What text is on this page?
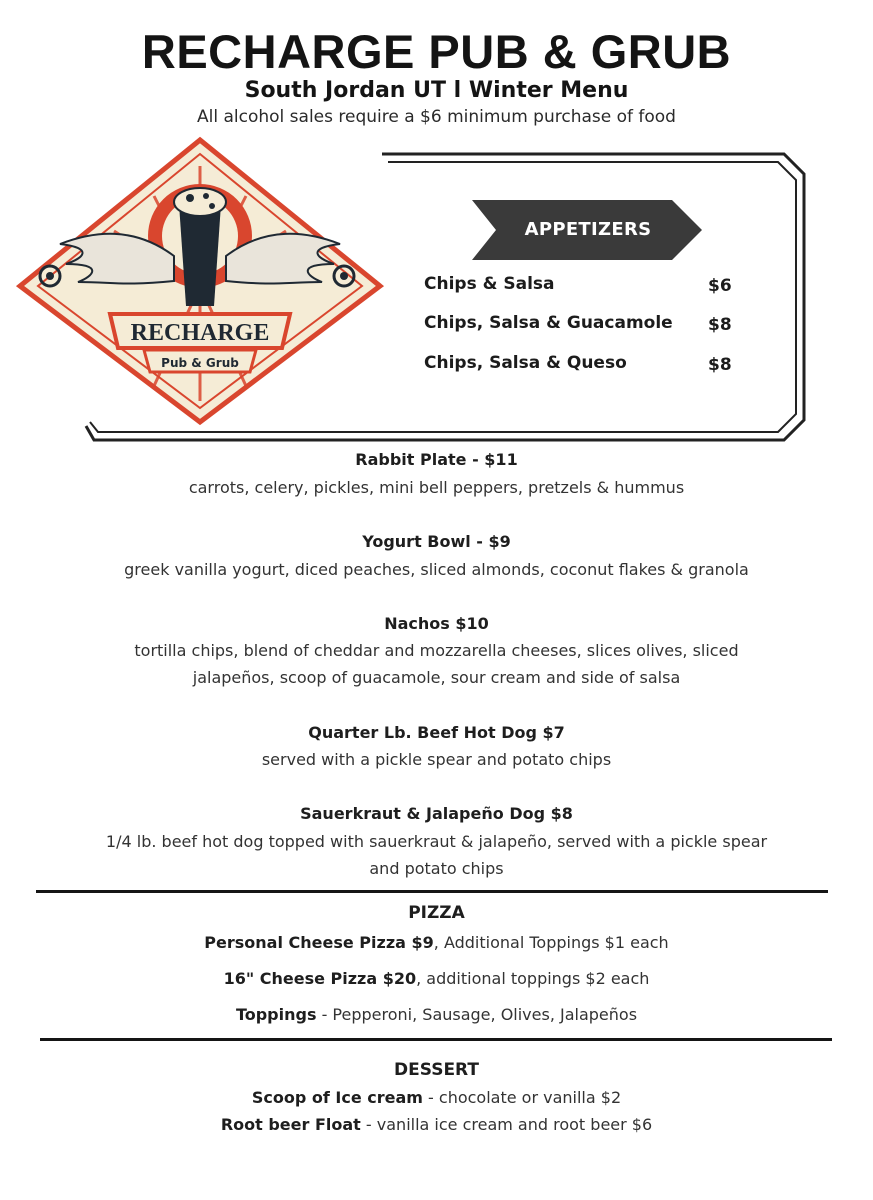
RECHARGE PUB & GRUB
South Jordan UT l Winter Menu
All alcohol sales require a $6 minimum purchase of food
RECHARGE
Pub & Grub
APPETIZERS
Chips & Salsa	$6
Chips, Salsa & Guacamole $8
Chips, Salsa & Queso	$8
Rabbit Plate - $11
carrots, celery, pickles, mini bell peppers, pretzels & hummus
Yogurt Bowl - $9
greek vanilla yogurt, diced peaches, sliced almonds, coconut flakes & granola
Nachos $10
tortilla chips, blend of cheddar and mozzarella cheeses, slices olives, sliced
jalapeños, scoop of guacamole, sour cream and side of salsa
Quarter Lb. Beef Hot Dog $7
served with a pickle spear and potato chips
Sauerkraut & Jalapeño Dog $8
1/4 lb. beef hot dog topped with sauerkraut & jalapeño, served with a pickle spear
and potato chips
PIZZA
Personal Cheese Pizza $9, Additional Toppings $1 each
16" Cheese Pizza $20, additional toppings $2 each
Toppings - Pepperoni, Sausage, Olives, Jalapeños
DESSERT
Scoop of Ice cream - chocolate or vanilla $2
Root beer Float - vanilla ice cream and root beer $6
